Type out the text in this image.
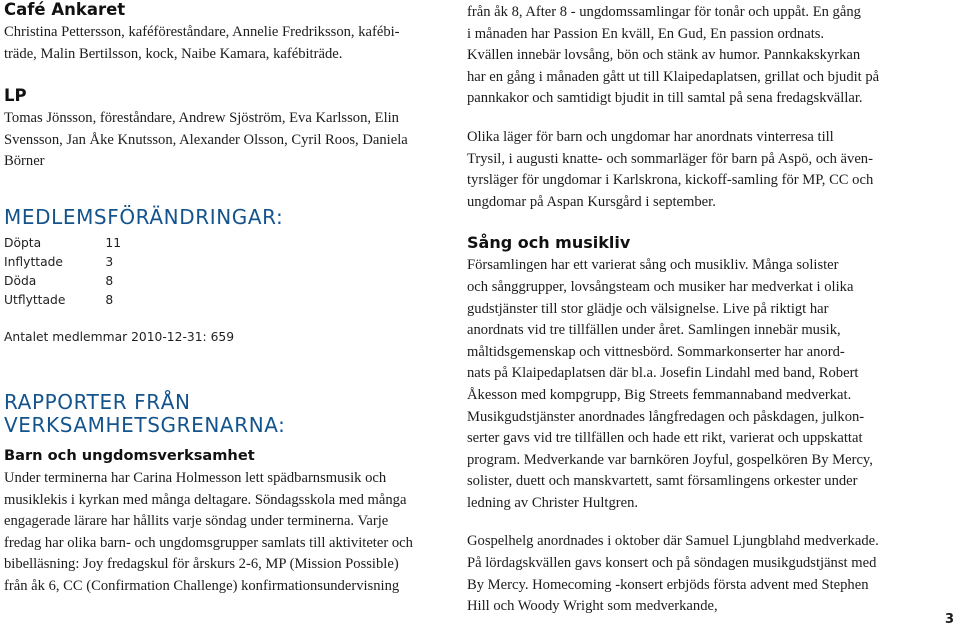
Café Ankaret
Christina Pettersson, kaféföreståndare, Annelie Fredriksson, kafébi-
träde, Malin Bertilsson, kock, Naibe Kamara, kafébiträde.
LP
Tomas Jönsson, föreståndare, Andrew Sjöström, Eva Karlsson, Elin
Svensson, Jan Åke Knutsson, Alexander Olsson, Cyril Roos, Daniela
Börner
MEDLEMSFÖRÄNDRINGAR:
Döpta	11
Inflyttade	3
Döda	8
Utflyttade	8
Antalet medlemmar 2010-12-31: 659
RAPPORTER FRÅN
VERKSAMHETSGRENARNA:
Barn och ungdomsverksamhet
Under terminerna har Carina Holmesson lett spädbarnsmusik och
musiklekis i kyrkan med många deltagare. Söndagsskola med många
engagerade lärare har hållits varje söndag under terminerna. Varje
fredag har olika barn- och ungdomsgrupper samlats till aktiviteter och
bibelläsning: Joy fredagskul för årskurs 2-6, MP (Mission Possible)
från åk 6, CC (Confirmation Challenge) konfirmationsundervisning
från åk 8, After 8 - ungdomssamlingar för tonår och uppåt. En gång
i månaden har Passion En kväll, En Gud, En passion ordnats.
Kvällen innebär lovsång, bön och stänk av humor. Pannkakskyrkan
har en gång i månaden gått ut till Klaipedaplatsen, grillat och bjudit på
pannkakor och samtidigt bjudit in till samtal på sena fredagskvällar.
Olika läger för barn och ungdomar har anordnats vinterresa till
Trysil, i augusti knatte- och sommarläger för barn på Aspö, och även-
tyrsläger för ungdomar i Karlskrona, kickoff-samling för MP, CC och
ungdomar på Aspan Kursgård i september.
Sång och musikliv
Församlingen har ett varierat sång och musikliv. Många solister
och sånggrupper, lovsångsteam och musiker har medverkat i olika
gudstjänster till stor glädje och välsignelse. Live på riktigt har
anordnats vid tre tillfällen under året. Samlingen innebär musik,
måltidsgemenskap och vittnesbörd. Sommarkonserter har anord-
nats på Klaipedaplatsen där bl.a. Josefin Lindahl med band, Robert
Åkesson med kompgrupp, Big Streets femmannaband medverkat.
Musikgudstjänster anordnades långfredagen och påskdagen, julkon-
serter gavs vid tre tillfällen och hade ett rikt, varierat och uppskattat
program. Medverkande var barnkören Joyful, gospelkören By Mercy,
solister, duett och manskvartett, samt församlingens orkester under
ledning av Christer Hultgren.
Gospelhelg anordnades i oktober där Samuel Ljungblahd medverkade.
På lördagskvällen gavs konsert och på söndagen musikgudstjänst med
By Mercy. Homecoming -konsert erbjöds första advent med Stephen
Hill och Woody Wright som medverkande,
3
